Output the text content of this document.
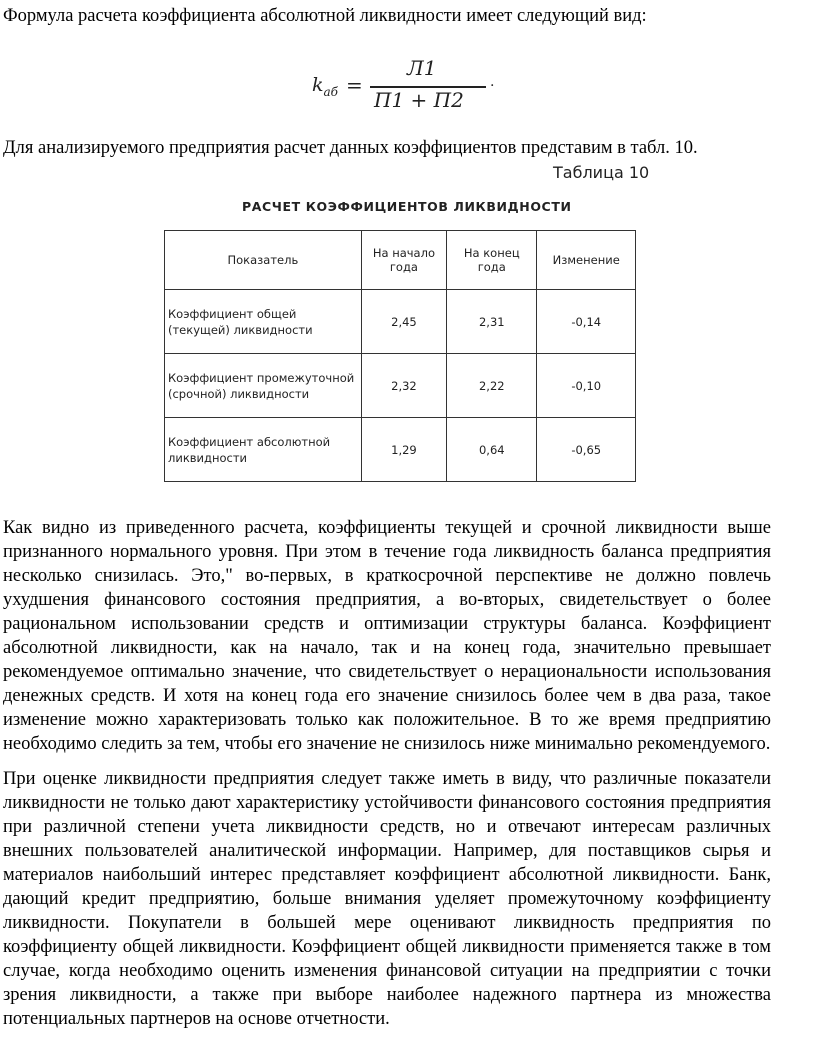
Формула расчета коэффициента абсолютной ликвидности имеет следующий вид:
$k_{аб}$ =
Л1
П1 + П2
.
Для анализируемого предприятия расчет данных коэффициентов представим в табл. 10.
Таблица 10
РАСЧЕТ КОЭФФИЦИЕНТОВ ЛИКВИДНОСТИ
Показатель	На начало года	На конец года	Изменение
Коэффициент общей (текущей) ликвидности	2,45	2,31	-0,14
Коэффициент промежуточной (срочной) ликвидности	2,32	2,22	-0,10
Коэффициент абсолютной ликвидности	1,29	0,64	-0,65

Как видно из приведенного расчета, коэффициенты текущей и срочной ликвидности выше признанного нормального уровня. При этом в течение года ликвидность баланса предприятия несколько снизилась. Это," во-первых, в краткосрочной перспективе не должно повлечь ухудшения финансового состояния предприятия, а во-вторых, свидетельствует о более рациональном использовании средств и оптимизации структуры баланса. Коэффициент абсолютной ликвидности, как на начало, так и на конец года, значительно превышает рекомендуемое оптимально значение, что свидетельствует о нерациональности использования денежных средств. И хотя на конец года его значение снизилось более чем в два раза, такое изменение можно характеризовать только как положительное. В то же время предприятию необходимо следить за тем, чтобы его значение не снизилось ниже минимально рекомендуемого.

При оценке ликвидности предприятия следует также иметь в виду, что различные показатели ликвидности не только дают характеристику устойчивости финансового состояния предприятия при различной степени учета ликвидности средств, но и отвечают интересам различных внешних пользователей аналитической информации. Например, для поставщиков сырья и материалов наибольший интерес представляет коэффициент абсолютной ликвидности. Банк, дающий кредит предприятию, больше внимания уделяет промежуточному коэффициенту ликвидности. Покупатели в большей мере оценивают ликвидность предприятия по коэффициенту общей ликвидности. Коэффициент общей ликвидности применяется также в том случае, когда необходимо оценить изменения финансовой ситуации на предприятии с точки зрения ликвидности, а также при выборе наиболее надежного партнера из множества потенциальных партнеров на основе отчетности.
